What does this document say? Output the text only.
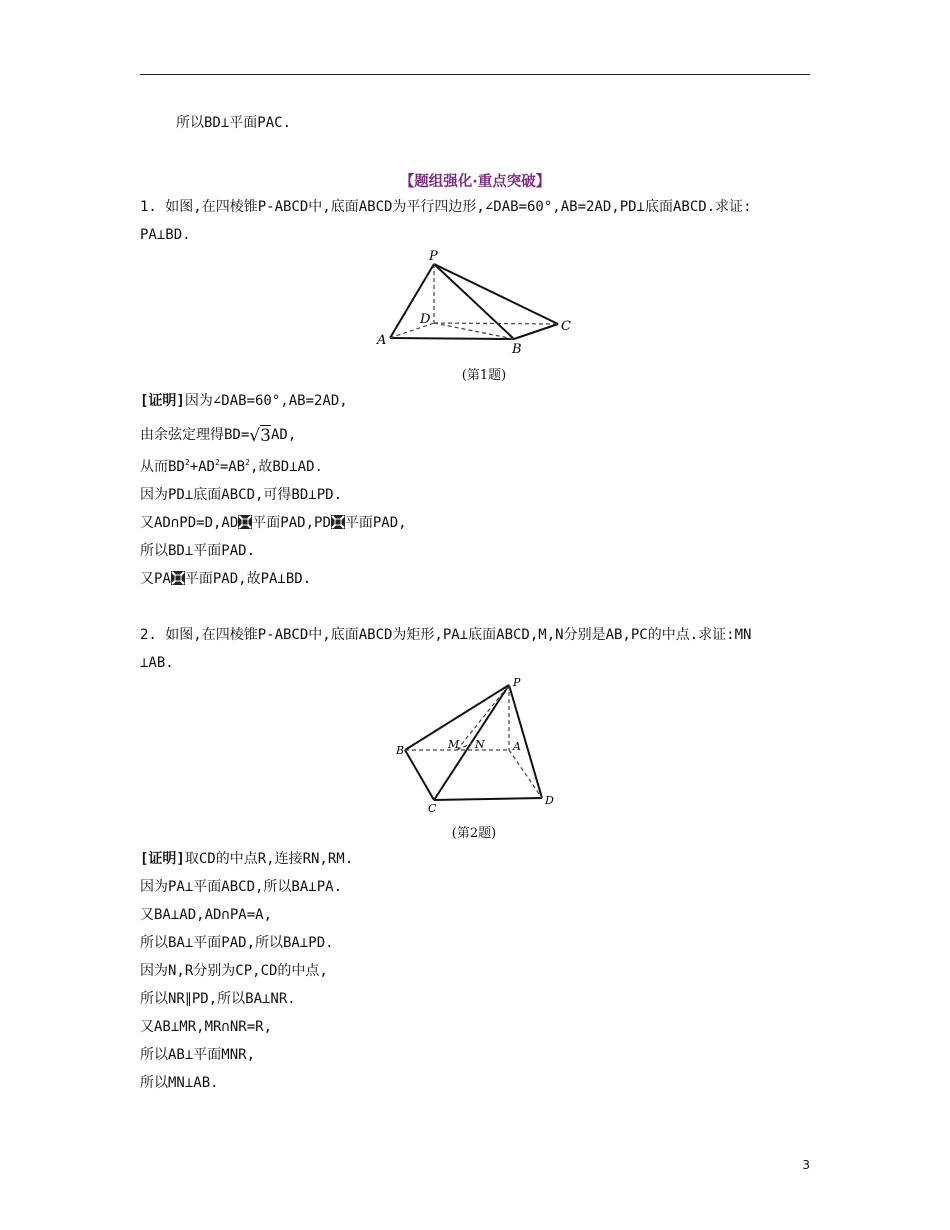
所以BD⊥平面PAC.
【题组强化·重点突破】
1. 如图,在四棱锥P-ABCD中,底面ABCD为平行四边形,∠DAB=60°,AB=2AD,PD⊥底面ABCD.求证:
PA⊥BD.
P
D	C
A
B
(第1题)
[证明]因为∠DAB=60°,AB=2AD,
由余弦定理得BD=√3AD,
从而$BD^2+AD^2=AB^2$,故BD⊥AD.
因为PD⊥底面ABCD,可得BD⊥PD.
又AD∩PD=D,AD 平面PAD,PD 平面PAD,
所以BD⊥平面PAD.
又PA 平面PAD,故PA⊥BD.
2. 如图,在四棱锥P-ABCD中,底面ABCD为矩形,PA⊥底面ABCD,M,N分别是AB,PC的中点.求证:MN
⊥AB.
P
B	M N	A
C
D
(第2题)
[证明]取CD的中点R,连接RN,RM.
因为PA⊥平面ABCD,所以BA⊥PA.
又BA⊥AD,AD∩PA=A,
所以BA⊥平面PAD,所以BA⊥PD.
因为N,R分别为CP,CD的中点,
所以NR∥PD,所以BA⊥NR.
又AB⊥MR,MR∩NR=R,
所以AB⊥平面MNR,
所以MN⊥AB.
3
